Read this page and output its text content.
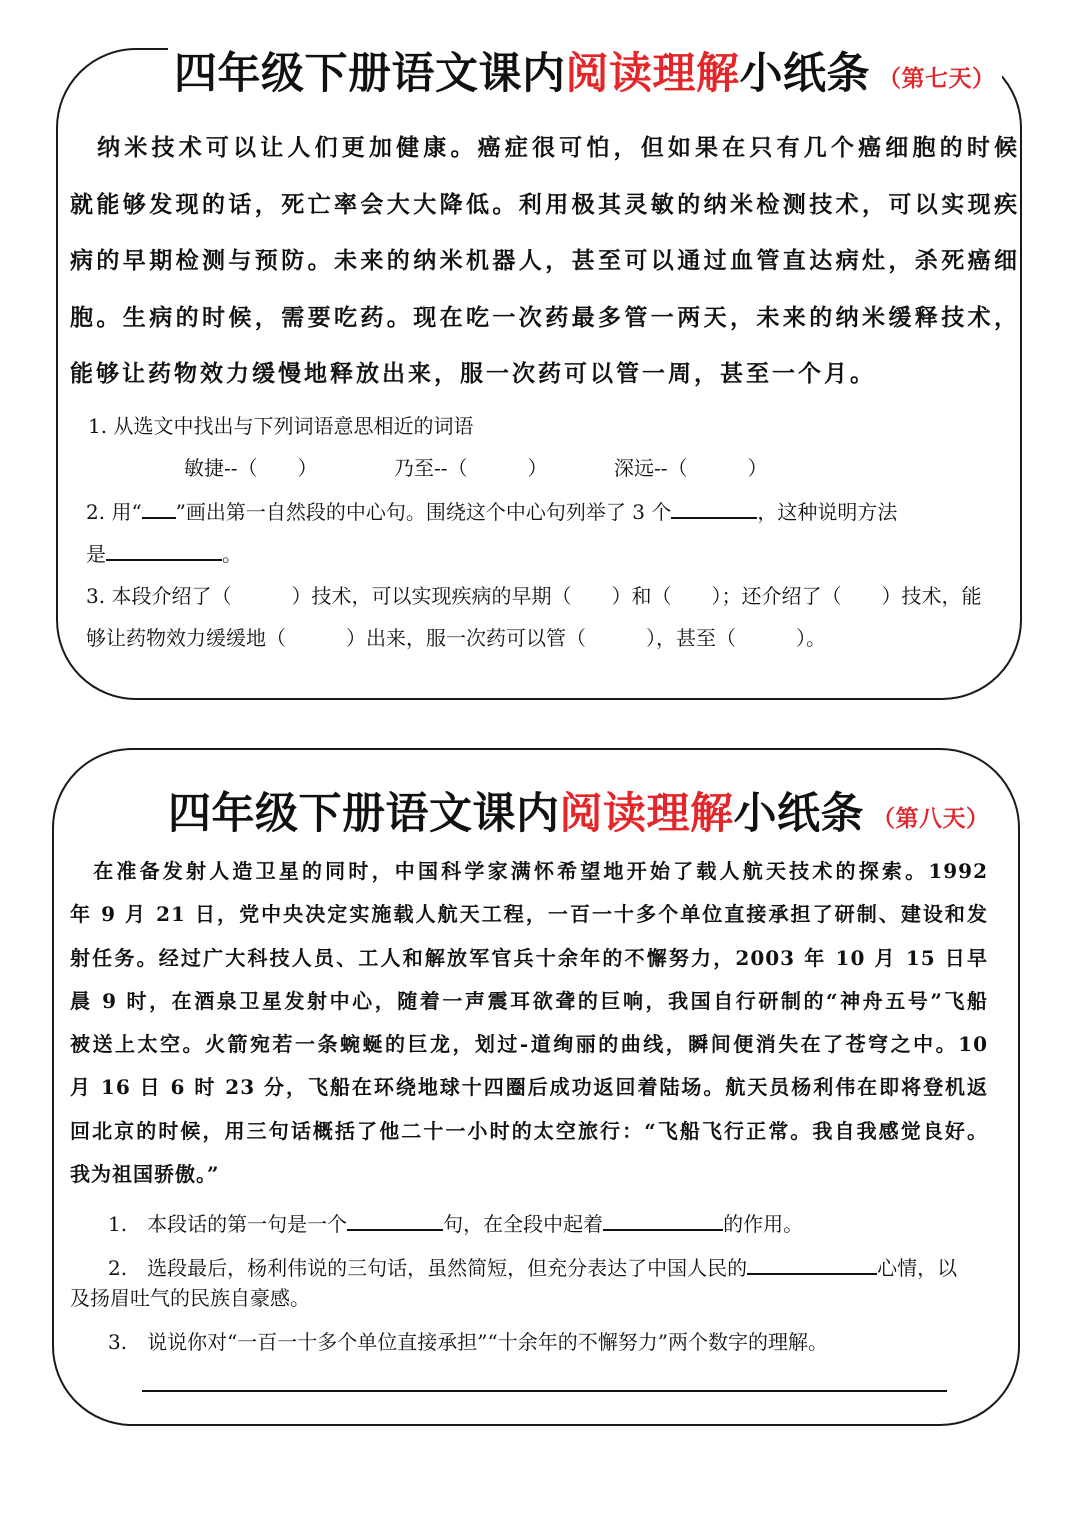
四年级下册语文课内阅读理解小纸条 （第七天）
　纳米技术可以让人们更加健康。癌症很可怕，但如果在只有几个癌细胞的时候
就能够发现的话，死亡率会大大降低。利用极其灵敏的纳米检测技术，可以实现疾
病的早期检测与预防。未来的纳米机器人，甚至可以通过血管直达病灶，杀死癌细
胞。生病的时候，需要吃药。现在吃一次药最多管一两天，未来的纳米缓释技术，
能够让药物效力缓慢地释放出来，服一次药可以管一周，甚至一个月。

1. 从选文中找出与下列词语意思相近的词语

敏捷--（　　）	乃至--（　　　）	深远--（　　　）

2. 用“ ”画出第一自然段的中心句。围绕这个中心句列举了 3 个	，这种说明方法

是	。

3. 本段介绍了（　　　）技术，可以实现疾病的早期（　　）和（　　）；还介绍了（　　）技术，能

够让药物效力缓缓地（　　　）出来，服一次药可以管（　　　），甚至（　　　）。

四年级下册语文课内阅读理解小纸条 （第八天）
　在准备发射人造卫星的同时，中国科学家满怀希望地开始了载人航天技术的探索。1992
年 9 月 21 日，党中央决定实施载人航天工程，一百一十多个单位直接承担了研制、建设和发
射任务。经过广大科技人员、工人和解放军官兵十余年的不懈努力，2003 年 10 月 15 日早
晨 9 时，在酒泉卫星发射中心，随着一声震耳欲聋的巨响，我国自行研制的“神舟五号”飞船
被送上太空。火箭宛若一条蜿蜒的巨龙，划过-道绚丽的曲线，瞬间便消失在了苍穹之中。10
月 16 日 6 时 23 分，飞船在环绕地球十四圈后成功返回着陆场。航天员杨利伟在即将登机返
回北京的时候，用三句话概括了他二十一小时的太空旅行：“飞船飞行正常。我自我感觉良好。
我为祖国骄傲。”

1.　本段话的第一句是一个	句，在全段中起着	的作用。

2.　选段最后，杨利伟说的三句话，虽然简短，但充分表达了中国人民的	心情，以

及扬眉吐气的民族自豪感。

3.　说说你对“一百一十多个单位直接承担”“十余年的不懈努力”两个数字的理解。
